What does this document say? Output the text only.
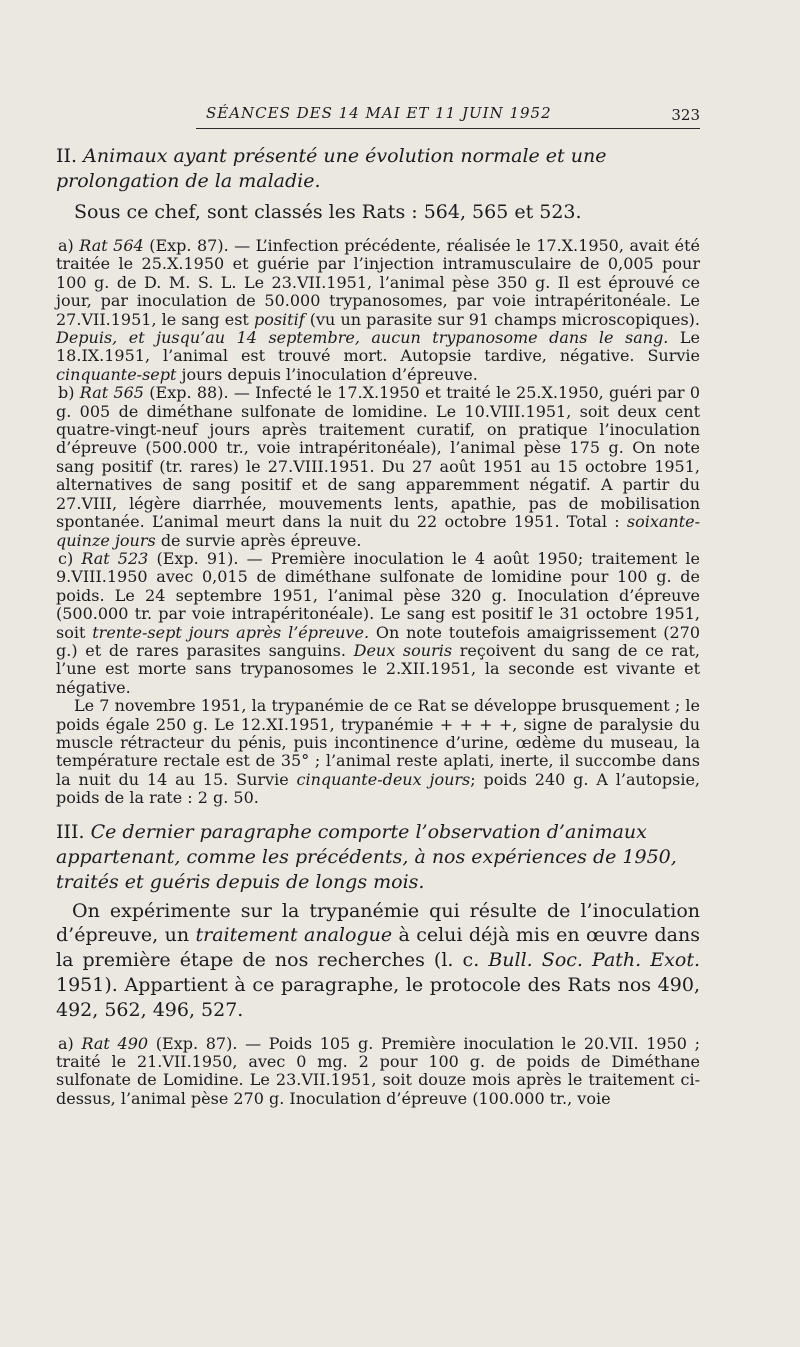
SÉANCES DES 14 MAI ET 11 JUIN 1952	323

II. Animaux ayant présenté une évolution normale et une prolongation de la maladie.

Sous ce chef, sont classés les Rats : 564, 565 et 523.

a) Rat 564 (Exp. 87). — L’infection précédente, réalisée le 17.X.1950, avait été traitée le 25.X.1950 et guérie par l’injection intramusculaire de 0,005 pour 100 g. de D. M. S. L. Le 23.VII.1951, l’animal pèse 350 g. Il est éprouvé ce jour, par inoculation de 50.000 trypanosomes, par voie intrapéritonéale. Le 27.VII.1951, le sang est positif (vu un parasite sur 91 champs microscopiques). Depuis, et jusqu’au 14 septembre, aucun trypanosome dans le sang. Le 18.IX.1951, l’animal est trouvé mort. Autopsie tardive, négative. Survie cinquante-sept jours depuis l’inoculation d’épreuve.

b) Rat 565 (Exp. 88). — Infecté le 17.X.1950 et traité le 25.X.1950, guéri par 0 g. 005 de diméthane sulfonate de lomidine. Le 10.VIII.1951, soit deux cent quatre-vingt-neuf jours après traitement curatif, on pratique l’inoculation d’épreuve (500.000 tr., voie intrapéritonéale), l’animal pèse 175 g. On note sang positif (tr. rares) le 27.VIII.1951. Du 27 août 1951 au 15 octobre 1951, alternatives de sang positif et de sang apparemment négatif. A partir du 27.VIII, légère diarrhée, mouvements lents, apathie, pas de mobilisation spontanée. L’animal meurt dans la nuit du 22 octobre 1951. Total : soixante-quinze jours de survie après épreuve.

c) Rat 523 (Exp. 91). — Première inoculation le 4 août 1950; traitement le 9.VIII.1950 avec 0,015 de diméthane sulfonate de lomidine pour 100 g. de poids. Le 24 septembre 1951, l’animal pèse 320 g. Inoculation d’épreuve (500.000 tr. par voie intrapéritonéale). Le sang est positif le 31 octobre 1951, soit trente-sept jours après l’épreuve. On note toutefois amaigrissement (270 g.) et de rares parasites sanguins. Deux souris reçoivent du sang de ce rat, l’une est morte sans trypanosomes le 2.XII.1951, la seconde est vivante et négative.

Le 7 novembre 1951, la trypanémie de ce Rat se développe brusquement ; le poids égale 250 g. Le 12.XI.1951, trypanémie + + + +, signe de paralysie du muscle rétracteur du pénis, puis incontinence d’urine, œdème du museau, la température rectale est de 35° ; l’animal reste aplati, inerte, il succombe dans la nuit du 14 au 15. Survie cinquante-deux jours; poids 240 g. A l’autopsie, poids de la rate : 2 g. 50.

III. Ce dernier paragraphe comporte l’observation d’animaux appartenant, comme les précédents, à nos expériences de 1950, traités et guéris depuis de longs mois.

On expérimente sur la trypanémie qui résulte de l’inoculation d’épreuve, un traitement analogue à celui déjà mis en œuvre dans la première étape de nos recherches (l. c. Bull. Soc. Path. Exot. 1951). Appartient à ce paragraphe, le protocole des Rats nos 490, 492, 562, 496, 527.

a) Rat 490 (Exp. 87). — Poids 105 g. Première inoculation le 20.VII. 1950 ; traité le 21.VII.1950, avec 0 mg. 2 pour 100 g. de poids de Diméthane sulfonate de Lomidine. Le 23.VII.1951, soit douze mois après le traitement ci-dessus, l’animal pèse 270 g. Inoculation d’épreuve (100.000 tr., voie
